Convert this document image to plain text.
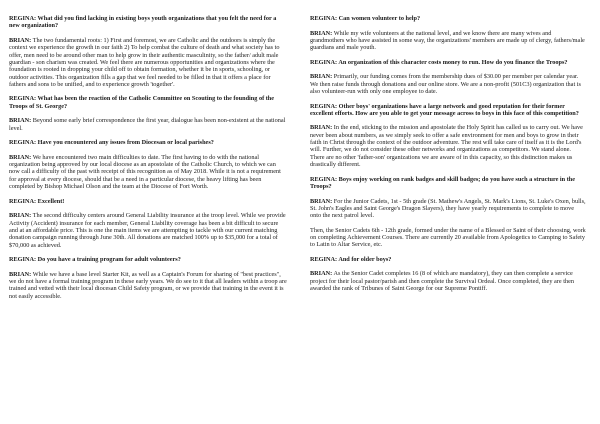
REGINA: What did you find lacking in existing boys youth organizations that you felt the need for a new organization?
BRIAN: The two fundamental roots: 1) First and foremost, we are Catholic and the outdoors is simply the context we experience the growth in our faith 2) To help combat the culture of death and what society has to offer, men need to be around other man to help grow in their authentic masculinity, so the father/ adult male guardian - son charism was created. We feel there are numerous opportunities and organizations where the foundation is rooted in dropping your child off to obtain formation, whether it be in sports, schooling, or outdoor activities. This organization fills a gap that we feel needed to be filled in that it offers a place for fathers and sons to be unified, and to experience growth 'together'.
REGINA: What has been the reaction of the Catholic Committee on Scouting to the founding of the Troops of St. George?
BRIAN: Beyond some early brief correspondence the first year, dialogue has been non-existent at the national level.
REGINA: Have you encountered any issues from Diocesan or local parishes?
BRIAN: We have encountered two main difficulties to date. The first having to do with the national organization being approved by our local diocese as an apostolate of the Catholic Church, to which we can now call a difficulty of the past with receipt of this recognition as of May 2018. While it is not a requirement for approval at every diocese, should that be a need in a particular diocese, the heavy lifting has been completed by Bishop Michael Olson and the team at the Diocese of Fort Worth.
REGINA: Excellent!
BRIAN: The second difficulty centers around General Liability insurance at the troop level. While we provide Activity (Accident) insurance for each member, General Liability coverage has been a bit difficult to secure and at an affordable price. This is one the main items we are attempting to tackle with our current matching donation campaign running through June 30th. All donations are matched 100% up to $35,000 for a total of $70,000 as achieved.
REGINA: Do you have a training program for adult volunteers?
BRIAN: While we have a base level Starter Kit, as well as a Captain's Forum for sharing of "best practices", we do not have a formal training program in these early years. We do see to it that all leaders within a troop are trained and vetted with their local diocesan Child Safety program, or we provide that training in the event it is not easily accessible.
REGINA: Can women volunteer to help?
BRIAN: While my wife volunteers at the national level, and we know there are many wives and grandmothers who have assisted in some way, the organizations' members are made up of clergy, fathers/male guardians and male youth.
REGINA: An organization of this character costs money to run. How do you finance the Troops?
BRIAN: Primarily, our funding comes from the membership dues of $30.00 per member per calendar year. We then raise funds through donations and our online store. We are a non-profit (501C3) organization that is also volunteer-run with only one employee to date.
REGINA: Other boys' organizations have a large network and good reputation for their former excellent efforts. How are you able to get your message across to boys in this face of this competition?
BRIAN: In the end, sticking to the mission and apostolate the Holy Spirit has called us to carry out. We have never been about numbers, as we simply seek to offer a safe environment for men and boys to grow in their faith in Christ through the context of the outdoor adventure. The rest will take care of itself as it is the Lord's will. Further, we do not consider these other networks and organizations as competitors. We stand alone. There are no other 'father-son' organizations we are aware of in this capacity, so this distinction makes us drastically different.
REGINA: Boys enjoy working on rank badges and skill badges; do you have such a structure in the Troops?
BRIAN: For the Junior Cadets, 1st - 5th grade (St. Mathew's Angels, St. Mark's Lions, St. Luke's Oxen, bulls, St. John's Eagles and Saint George's Dragon Slayers), they have yearly requirements to complete to move onto the next patrol level.
Then, the Senior Cadets 6th - 12th grade, formed under the name of a Blessed or Saint of their choosing, work on completing Achievement Courses. There are currently 20 available from Apologetics to Camping to Safety to Latin to Altar Service, etc.
REGINA: And for older boys?
BRIAN: As the Senior Cadet completes 16 (8 of which are mandatory), they can then complete a service project for their local pastor/parish and then complete the Survival Ordeal. Once completed, they are then awarded the rank of Tribunes of Saint George for our Supreme Pontiff.
